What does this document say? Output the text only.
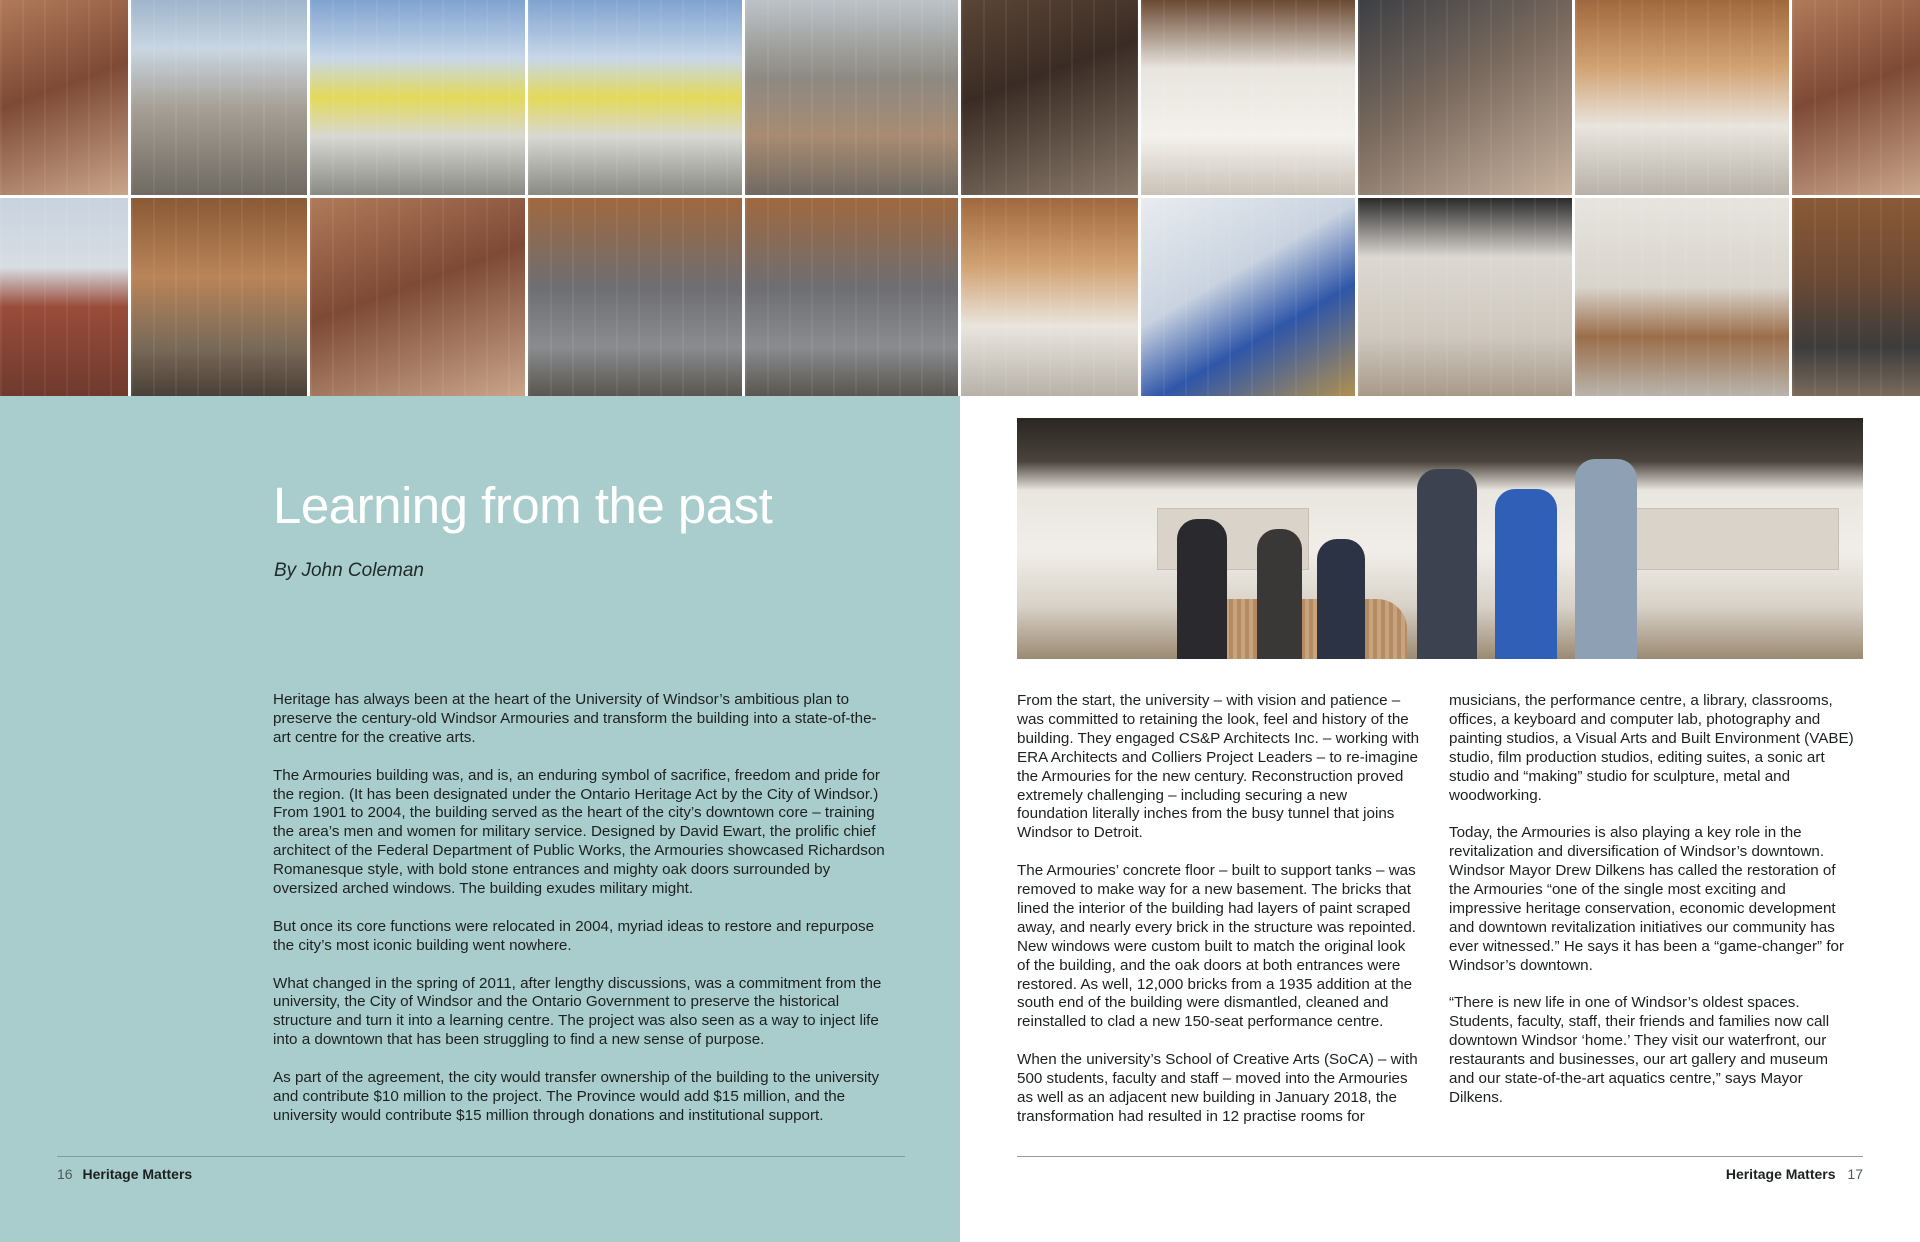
Learning from the past

By John Coleman

Heritage has always been at the heart of the University of Windsor’s ambitious plan to preserve the century-old Windsor Armouries and transform the building into a state-of-the-art centre for the creative arts.

The Armouries building was, and is, an enduring symbol of sacrifice, freedom and pride for the region. (It has been designated under the Ontario Heritage Act by the City of Windsor.) From 1901 to 2004, the building served as the heart of the city’s downtown core – training the area’s men and women for military service. Designed by David Ewart, the prolific chief architect of the Federal Department of Public Works, the Armouries showcased Richardson Romanesque style, with bold stone entrances and mighty oak doors surrounded by oversized arched windows. The building exudes military might.

But once its core functions were relocated in 2004, myriad ideas to restore and repurpose the city’s most iconic building went nowhere.

What changed in the spring of 2011, after lengthy discussions, was a commitment from the university, the City of Windsor and the Ontario Government to preserve the historical structure and turn it into a learning centre. The project was also seen as a way to inject life into a downtown that has been struggling to find a new sense of purpose.

As part of the agreement, the city would transfer ownership of the building to the university and contribute $10 million to the project. The Province would add $15 million, and the university would contribute $15 million through donations and institutional support.

16 Heritage Matters

From the start, the university – with vision and patience – was committed to retaining the look, feel and history of the building. They engaged CS&P Architects Inc. – working with ERA Architects and Colliers Project Leaders – to re-imagine the Armouries for the new century. Reconstruction proved extremely challenging – including securing a new foundation literally inches from the busy tunnel that joins Windsor to Detroit.

The Armouries’ concrete floor – built to support tanks – was removed to make way for a new basement. The bricks that lined the interior of the building had layers of paint scraped away, and nearly every brick in the structure was repointed. New windows were custom built to match the original look of the building, and the oak doors at both entrances were restored. As well, 12,000 bricks from a 1935 addition at the south end of the building were dismantled, cleaned and reinstalled to clad a new 150-seat performance centre.

When the university’s School of Creative Arts (SoCA) – with 500 students, faculty and staff – moved into the Armouries as well as an adjacent new building in January 2018, the transformation had resulted in 12 practise rooms for

musicians, the performance centre, a library, classrooms, offices, a keyboard and computer lab, photography and painting studios, a Visual Arts and Built Environment (VABE) studio, film production studios, editing suites, a sonic art studio and “making” studio for sculpture, metal and woodworking.

Today, the Armouries is also playing a key role in the revitalization and diversification of Windsor’s downtown. Windsor Mayor Drew Dilkens has called the restoration of the Armouries “one of the single most exciting and impressive heritage conservation, economic development and downtown revitalization initiatives our community has ever witnessed.” He says it has been a “game-changer” for Windsor’s downtown.

“There is new life in one of Windsor’s oldest spaces. Students, faculty, staff, their friends and families now call downtown Windsor ‘home.’ They visit our waterfront, our restaurants and businesses, our art gallery and museum and our state-of-the-art aquatics centre,” says Mayor Dilkens.

Heritage Matters 17
